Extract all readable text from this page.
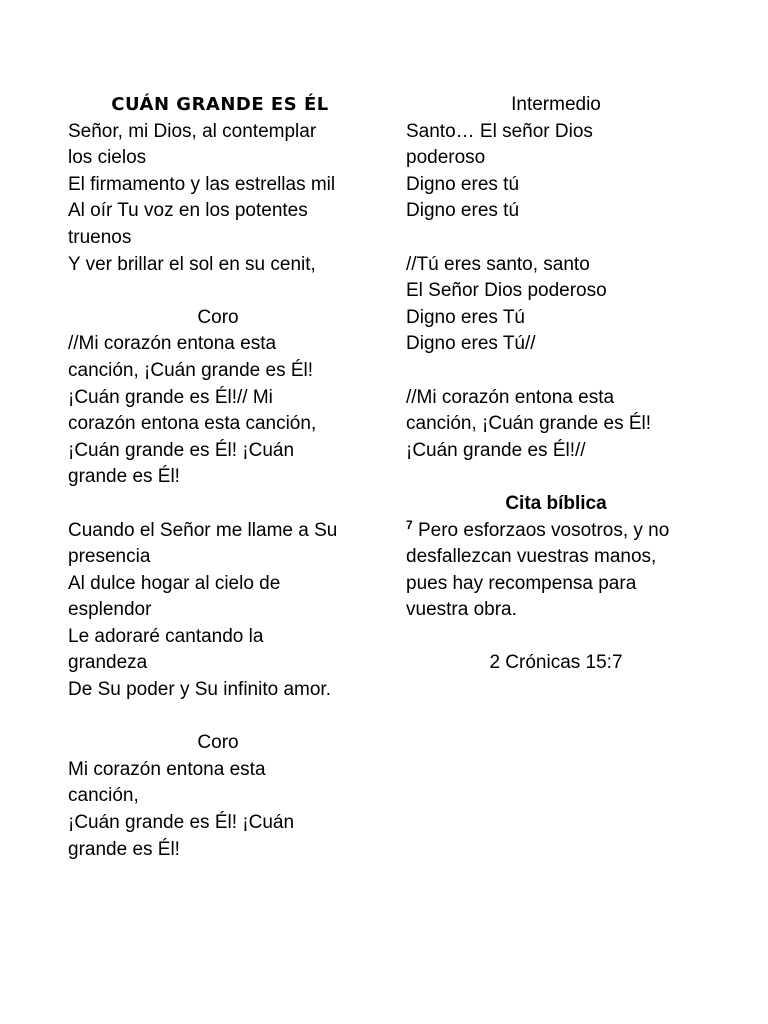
CUÁN GRANDE ES ÉL
Señor, mi Dios, al contemplar
los cielos
El firmamento y las estrellas mil
Al oír Tu voz en los potentes
truenos
Y ver brillar el sol en su cenit,
Coro
//Mi corazón entona esta
canción, ¡Cuán grande es Él!
¡Cuán grande es Él!// Mi
corazón entona esta canción,
¡Cuán grande es Él! ¡Cuán
grande es Él!
Cuando el Señor me llame a Su
presencia
Al dulce hogar al cielo de
esplendor
Le adoraré cantando la
grandeza
De Su poder y Su infinito amor.
Coro
Mi corazón entona esta
canción,
¡Cuán grande es Él! ¡Cuán
grande es Él!
Intermedio
Santo… El señor Dios
poderoso
Digno eres tú
Digno eres tú
//Tú eres santo, santo
El Señor Dios poderoso
Digno eres Tú
Digno eres Tú//
//Mi corazón entona esta
canción, ¡Cuán grande es Él!
¡Cuán grande es Él!//
Cita bíblica
$^7$ Pero esforzaos vosotros, y no
desfallezcan vuestras manos,
pues hay recompensa para
vuestra obra.
2 Crónicas 15:7
